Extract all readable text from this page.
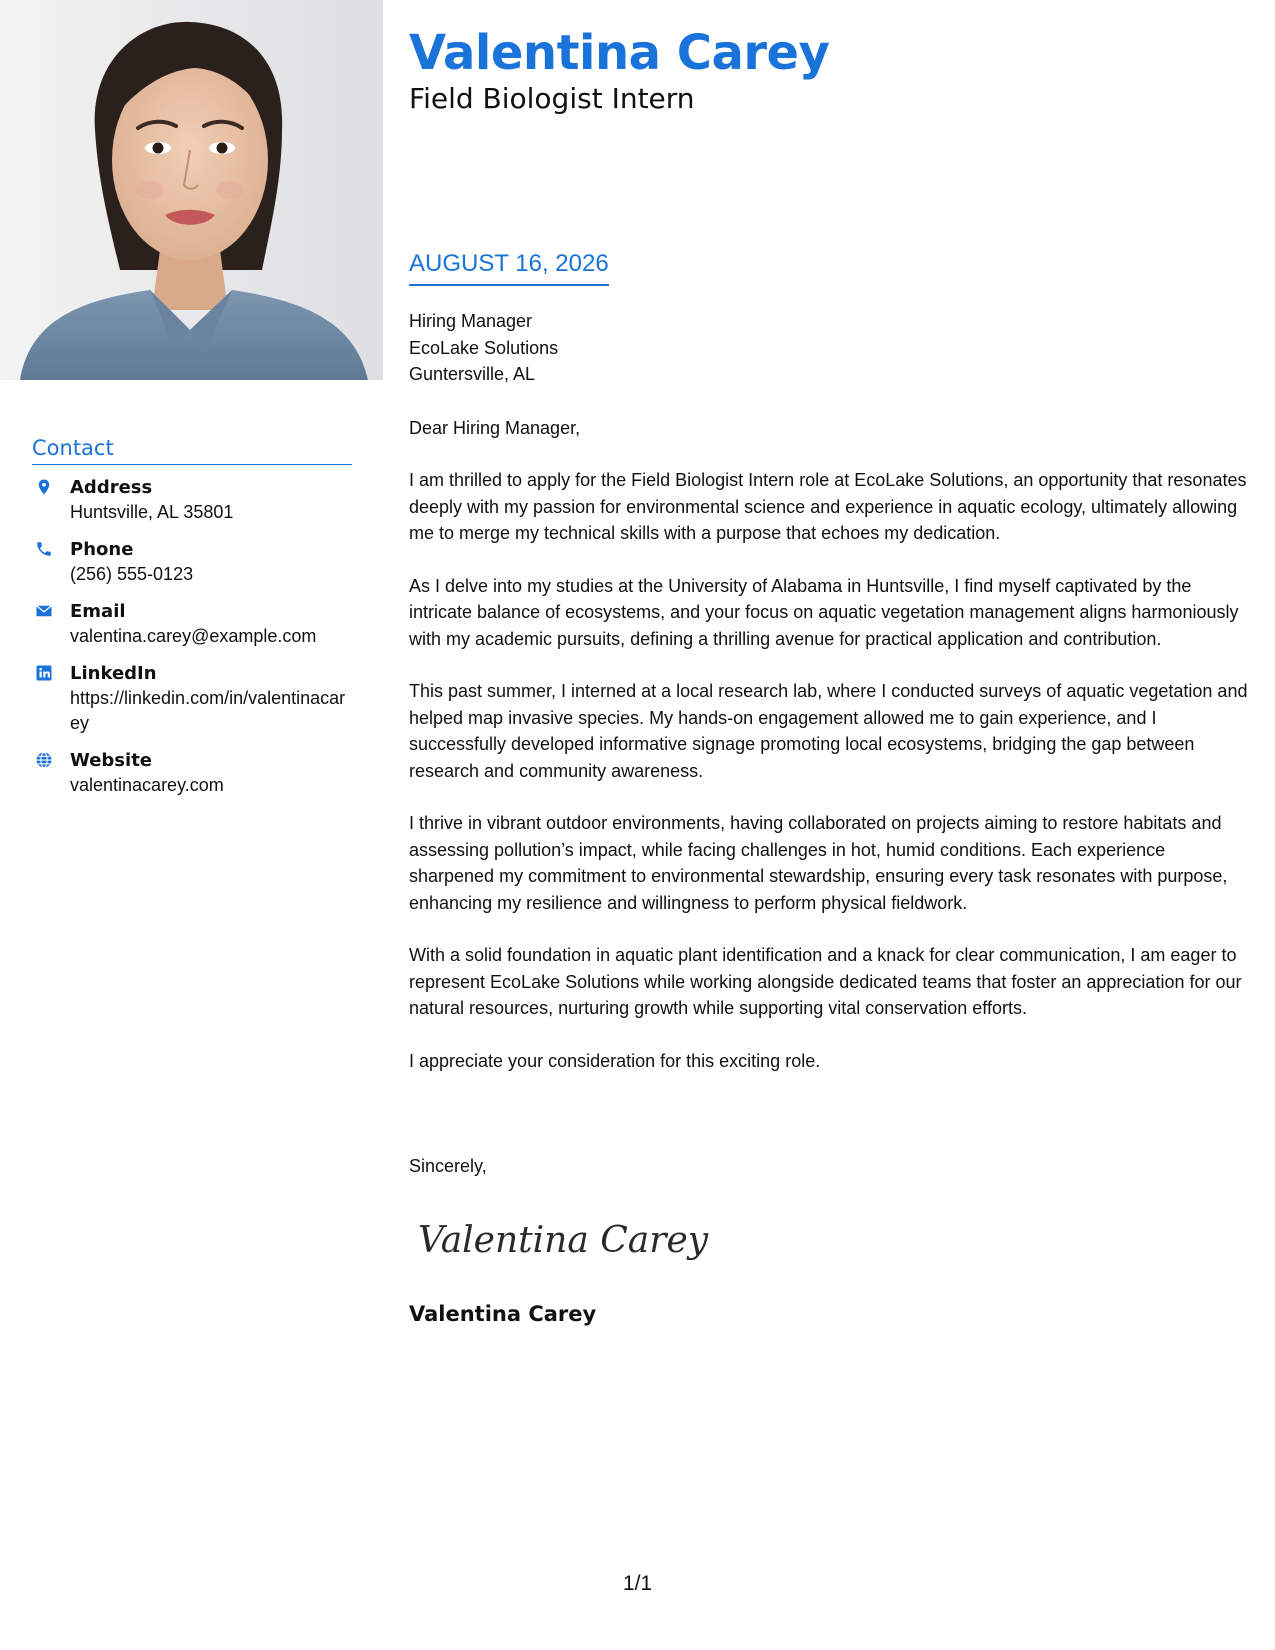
Contact
Address
Huntsville, AL 35801
Phone
(256) 555-0123
Email
valentina.carey@example.com
LinkedIn
https://linkedin.com/in/valentinacarey
Website
valentinacarey.com
Valentina Carey
Field Biologist Intern
AUGUST 16, 2026
Hiring Manager
EcoLake Solutions
Guntersville, AL

Dear Hiring Manager,

I am thrilled to apply for the Field Biologist Intern role at EcoLake Solutions, an opportunity that resonates deeply with my passion for environmental science and experience in aquatic ecology, ultimately allowing me to merge my technical skills with a purpose that echoes my dedication.

As I delve into my studies at the University of Alabama in Huntsville, I find myself captivated by the intricate balance of ecosystems, and your focus on aquatic vegetation management aligns harmoniously with my academic pursuits, defining a thrilling avenue for practical application and contribution.

This past summer, I interned at a local research lab, where I conducted surveys of aquatic vegetation and helped map invasive species. My hands-on engagement allowed me to gain experience, and I successfully developed informative signage promoting local ecosystems, bridging the gap between research and community awareness.

I thrive in vibrant outdoor environments, having collaborated on projects aiming to restore habitats and assessing pollution’s impact, while facing challenges in hot, humid conditions. Each experience sharpened my commitment to environmental stewardship, ensuring every task resonates with purpose, enhancing my resilience and willingness to perform physical fieldwork.

With a solid foundation in aquatic plant identification and a knack for clear communication, I am eager to represent EcoLake Solutions while working alongside dedicated teams that foster an appreciation for our natural resources, nurturing growth while supporting vital conservation efforts.

I appreciate your consideration for this exciting role.

Sincerely,
Valentina Carey
Valentina Carey
1/1
